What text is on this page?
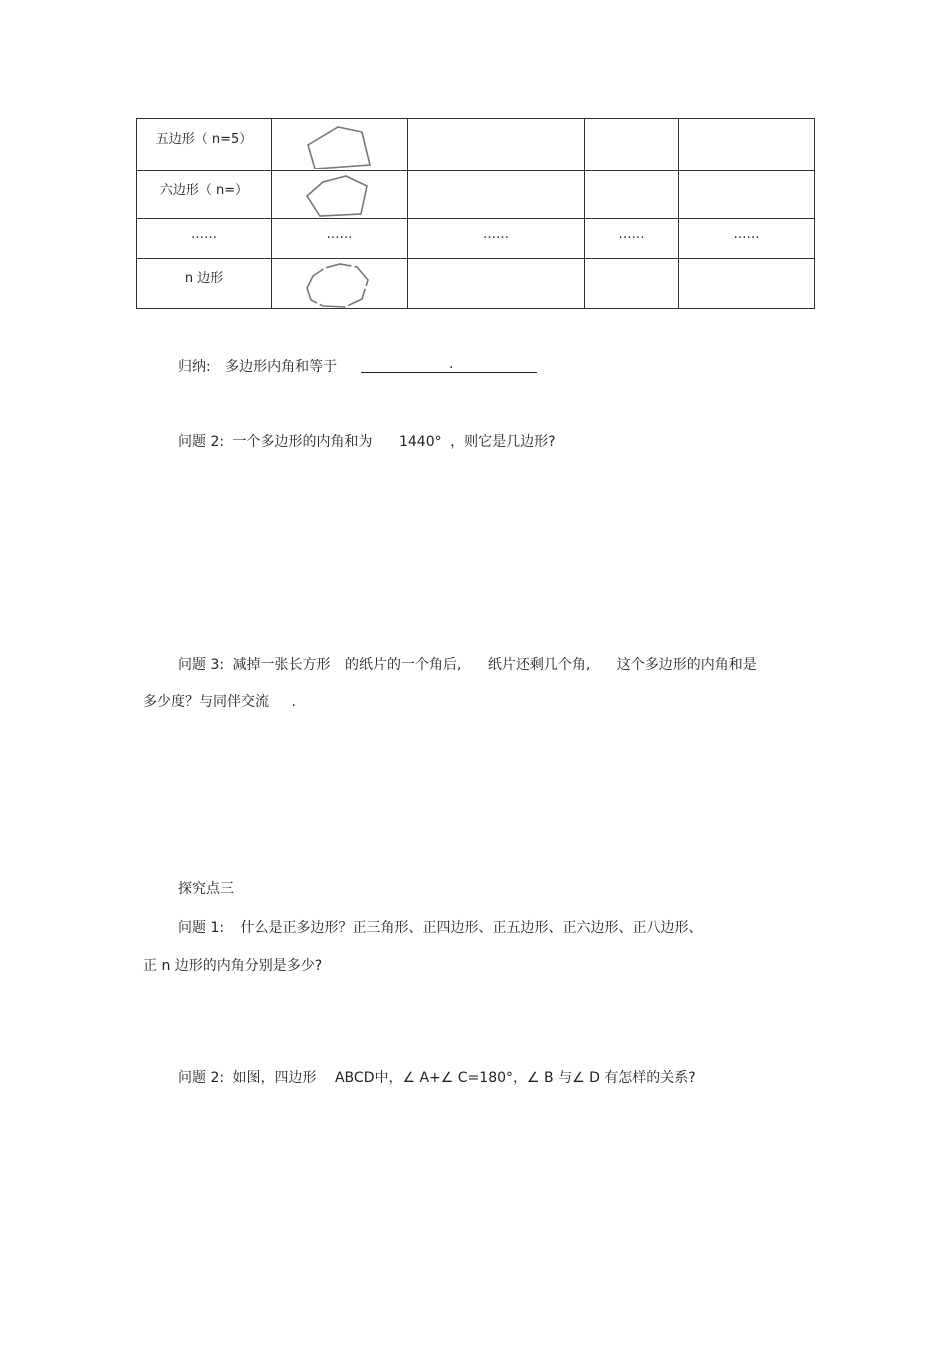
五边形（ n=5）

六边形（ n=）

……	……	……	……	……

n 边形

归纳: 多边形内角和等于	.
问题 2: 一个多边形的内角和为 1440° ，则它是几边形?
问题 3: 减掉一张长方形 的纸片的一个角后, 纸片还剩几个角, 这个多边形的内角和是
多少度？与同伴交流 .
探究点三
问题 1: 什么是正多边形？正三角形、正四边形、正五边形、正六边形、正八边形、
正 n 边形的内角分别是多少?
问题 2: 如图，四边形 ABCD中，∠ A+∠ C=180°，∠ B 与∠ D 有怎样的关系?
